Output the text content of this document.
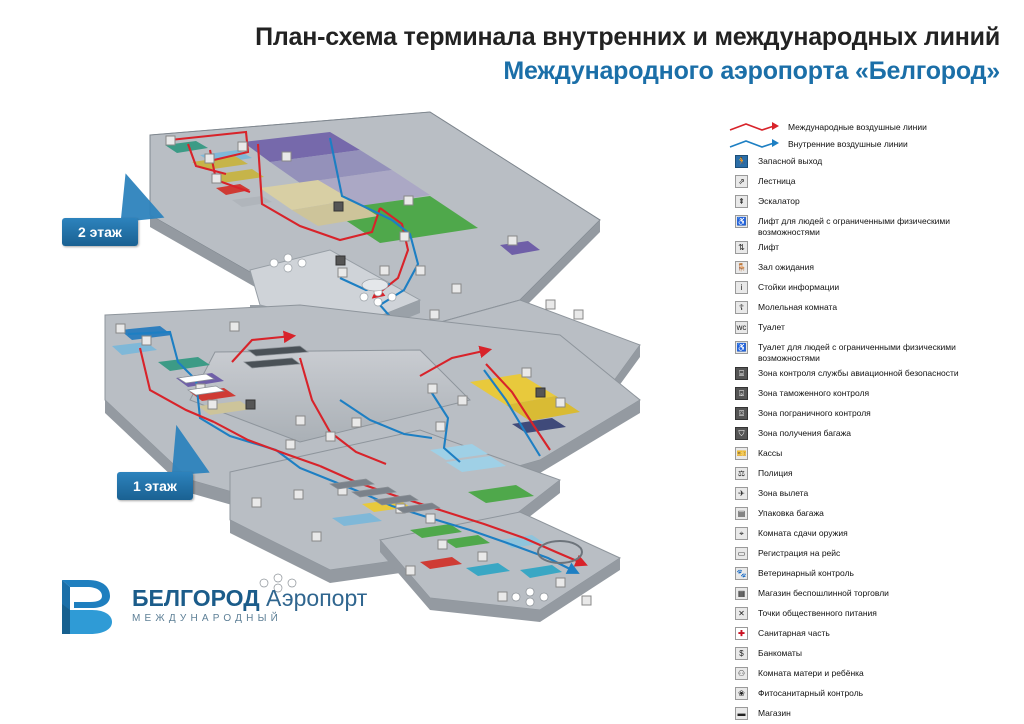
План-схема терминала внутренних и международных линий
Международного аэропорта «Белгород»
2 этаж
1 этаж
Международные воздушные линии
Внутренние воздушные линии
🏃 Запасной выход
⇗	Лестница
⇞	Эскалатор
♿ Лифт для людей с ограниченными физическими возможностями
⇅	Лифт
🪑 Зал ожидания
i	Стойки информации
☦	Молельная комната
wc Туалет
♿ Туалет для людей с ограниченными физическими возможностями
⌸	Зона контроля службы авиационной безопасности
⌺	Зона таможенного контроля
⌼	Зона пограничного контроля
⛉	Зона получения багажа
🎫 Кассы
⚖	Полиция
✈	Зона вылета
▤	Упаковка багажа
⌖	Комната сдачи оружия
▭	Регистрация на рейс
🐾 Ветеринарный контроль
▦	Магазин беспошлинной торговли
✕	Точки общественного питания
✚	Санитарная часть
$	Банкоматы
⚇	Комната матери и ребёнка
❀	Фитосанитарный контроль
▬ Магазин
БЕЛГОРОД Аэропорт
МЕЖДУНАРОДНЫЙ
